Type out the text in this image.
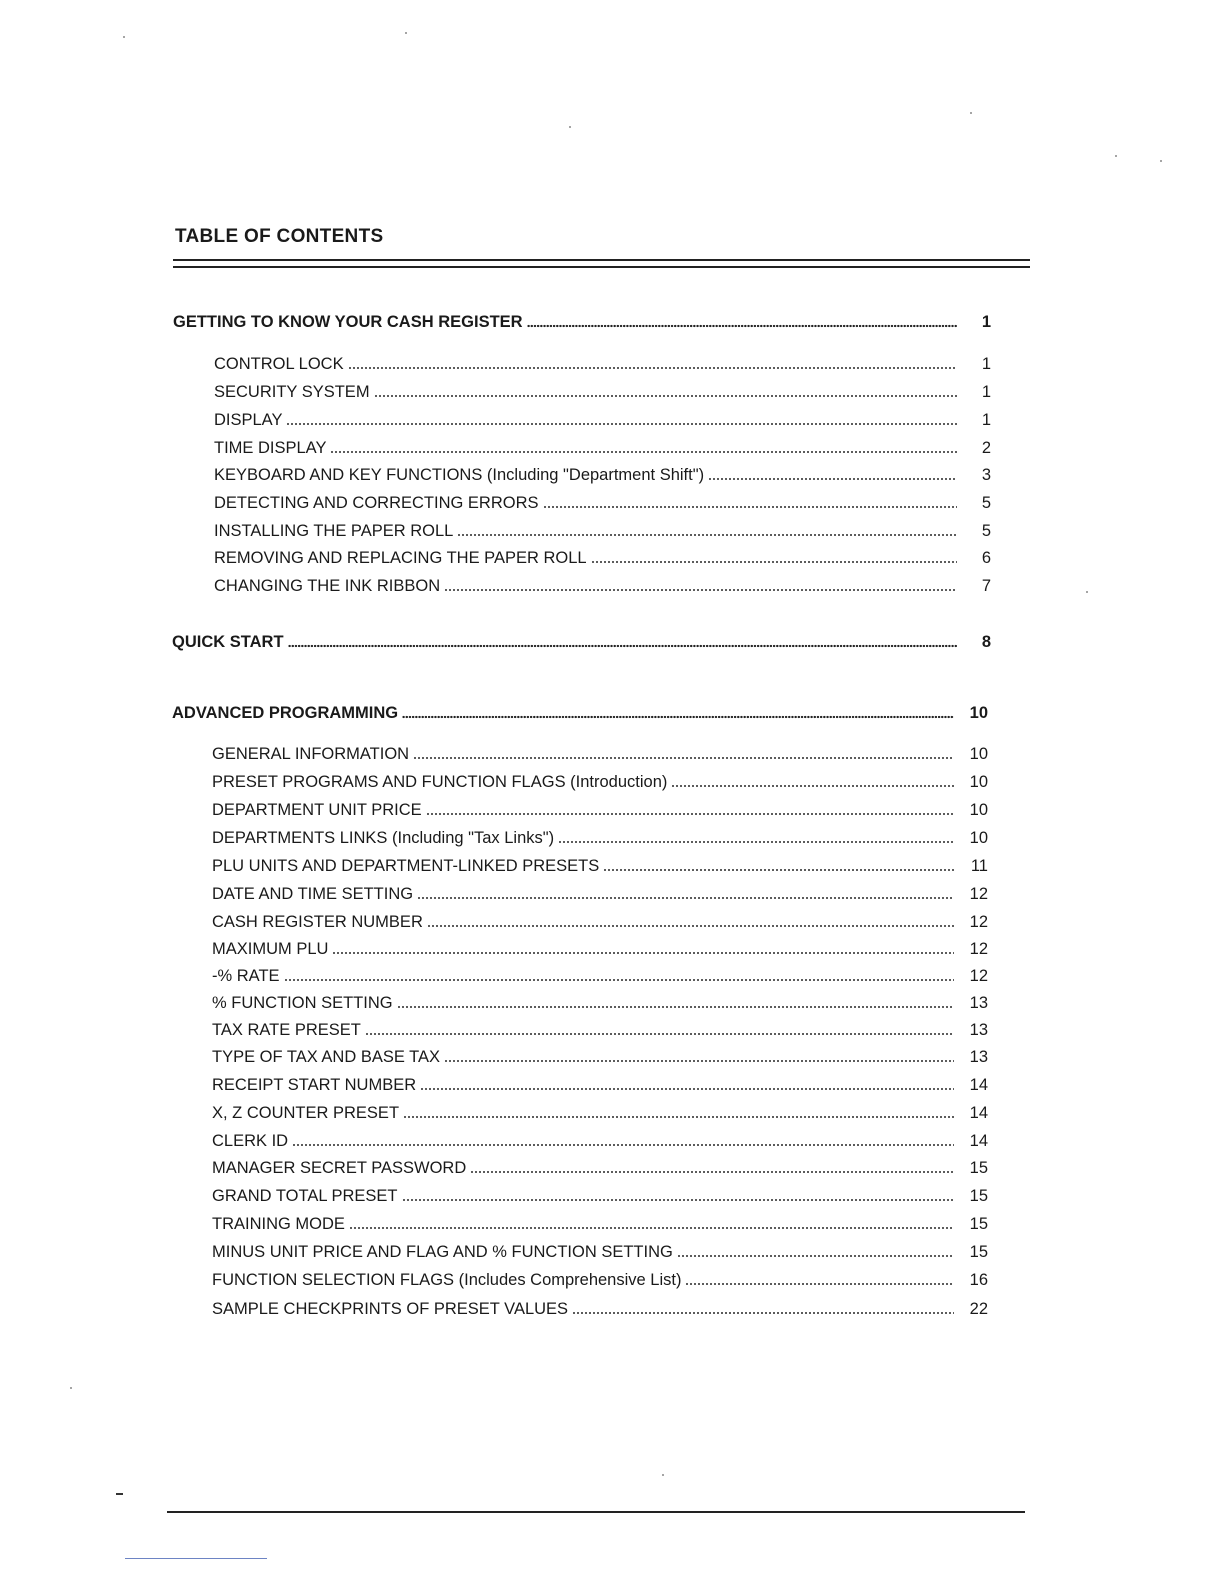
TABLE OF CONTENTS
GETTING TO KNOW YOUR CASH REGISTER	1
CONTROL LOCK	1
SECURITY SYSTEM	1
DISPLAY	1
TIME DISPLAY	2
KEYBOARD AND KEY FUNCTIONS (Including "Department Shift")	3
DETECTING AND CORRECTING ERRORS	5
INSTALLING THE PAPER ROLL	5
REMOVING AND REPLACING THE PAPER ROLL	6
CHANGING THE INK RIBBON	7
QUICK START	8
ADVANCED PROGRAMMING	10
GENERAL INFORMATION	10
PRESET PROGRAMS AND FUNCTION FLAGS (Introduction)	10
DEPARTMENT UNIT PRICE	10
DEPARTMENTS LINKS (Including "Tax Links")	10
PLU UNITS AND DEPARTMENT-LINKED PRESETS	11
DATE AND TIME SETTING	12
CASH REGISTER NUMBER	12
MAXIMUM PLU	12
-% RATE	12
% FUNCTION SETTING	13
TAX RATE PRESET	13
TYPE OF TAX AND BASE TAX	13
RECEIPT START NUMBER	14
X, Z COUNTER PRESET	14
CLERK ID	14
MANAGER SECRET PASSWORD	15
GRAND TOTAL PRESET	15
TRAINING MODE	15
MINUS UNIT PRICE AND FLAG AND % FUNCTION SETTING	15
FUNCTION SELECTION FLAGS (Includes Comprehensive List)	16
SAMPLE CHECKPRINTS OF PRESET VALUES	22
